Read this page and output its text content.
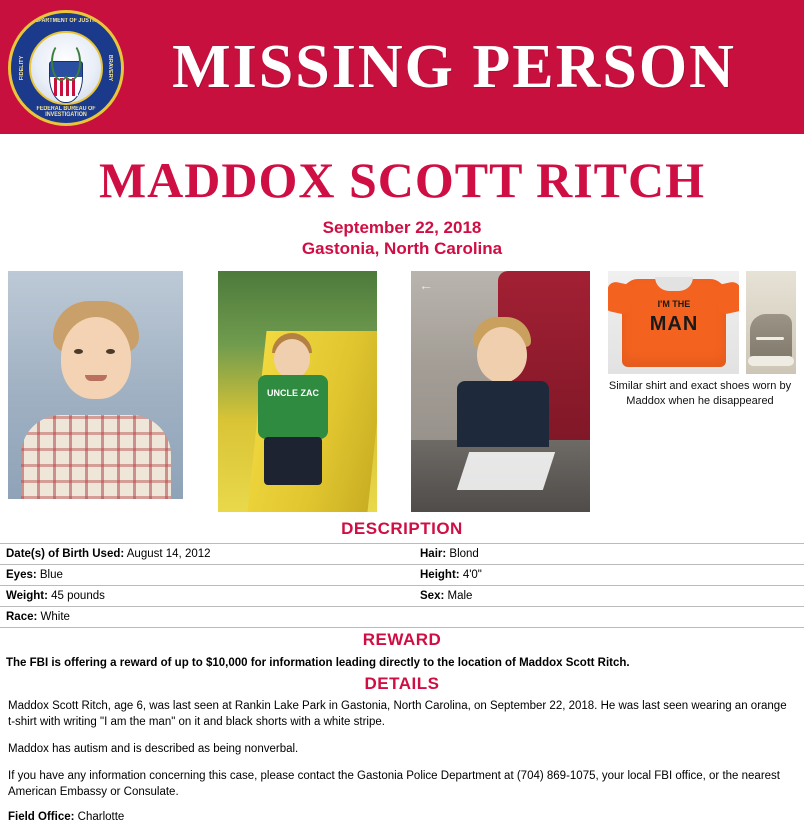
DEPARTMENT OF JUSTICE
FIDELITY	BRAVERY
FEDERAL BUREAU OF INVESTIGATION
MISSING PERSON
MADDOX SCOTT RITCH
September 22, 2018
Gastonia, North Carolina
UNCLE ZAC
←
I'M THE
MAN
Similar shirt and exact shoes worn by Maddox when he disappeared
DESCRIPTION
Date(s) of Birth Used: August 14, 2012	Hair: Blond
Eyes: Blue	Height: 4'0"
Weight: 45 pounds	Sex: Male
Race: White	
REWARD
The FBI is offering a reward of up to $10,000 for information leading directly to the location of Maddox Scott Ritch.
DETAILS

Maddox Scott Ritch, age 6, was last seen at Rankin Lake Park in Gastonia, North Carolina, on September 22, 2018. He was last seen wearing an orange t-shirt with writing "I am the man" on it and black shorts with a white stripe.

Maddox has autism and is described as being nonverbal.

If you have any information concerning this case, please contact the Gastonia Police Department at (704) 869-1075, your local FBI office, or the nearest American Embassy or Consulate.

Field Office: Charlotte
